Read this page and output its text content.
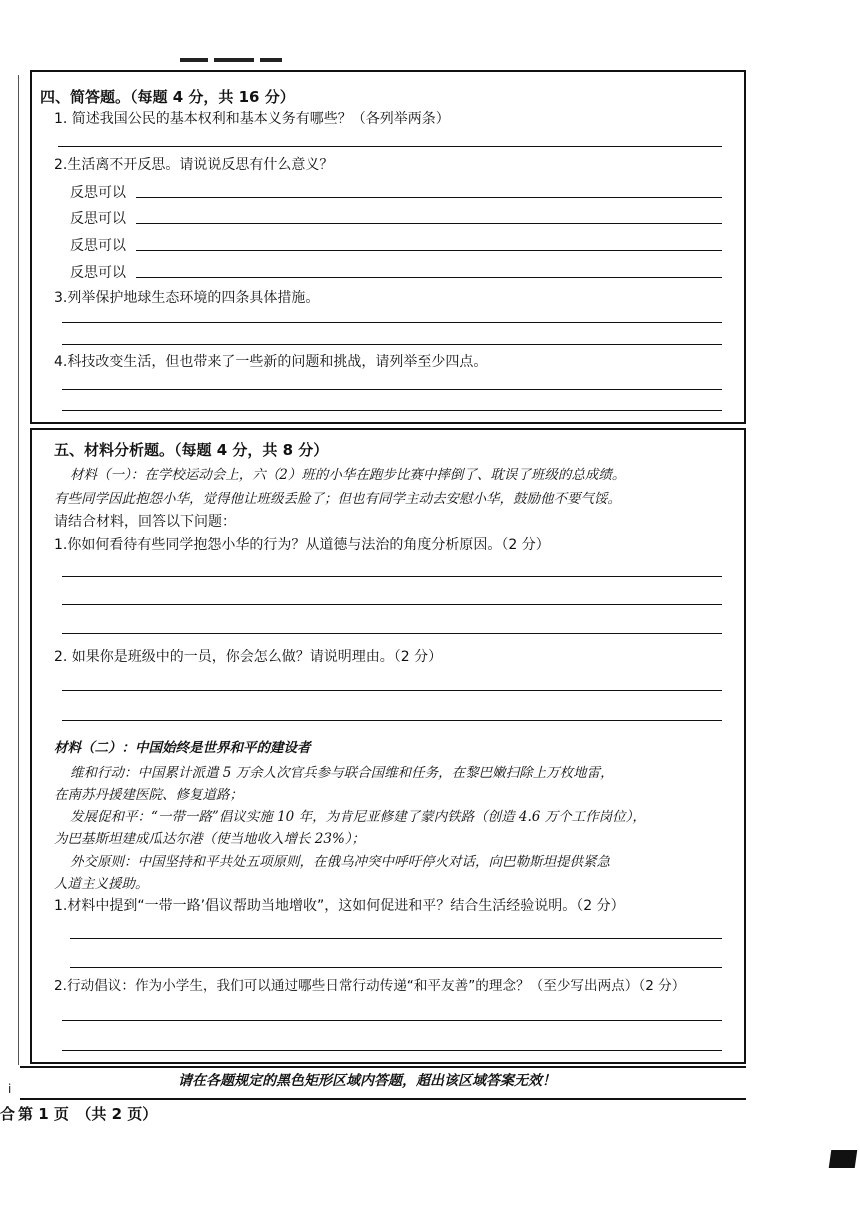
四、简答题。（每题 4 分，共 16 分）
1. 简述我国公民的基本权利和基本义务有哪些？（各列举两条）
2.生活离不开反思。请说说反思有什么意义？
反思可以
反思可以
反思可以
反思可以
3.列举保护地球生态环境的四条具体措施。
4.科技改变生活，但也带来了一些新的问题和挑战，请列举至少四点。
五、材料分析题。（每题 4 分，共 8 分）
材料（一）：在学校运动会上，六（2）班的小华在跑步比赛中摔倒了、耽误了班级的总成绩。
有些同学因此抱怨小华，觉得他让班级丢脸了；但也有同学主动去安慰小华，鼓励他不要气馁。
请结合材料，回答以下问题：
1.你如何看待有些同学抱怨小华的行为？从道德与法治的角度分析原因。（2 分）
2. 如果你是班级中的一员，你会怎么做？请说明理由。（2 分）
材料（二）：中国始终是世界和平的建设者
维和行动：中国累计派遣 5 万余人次官兵参与联合国维和任务，在黎巴嫩扫除上万枚地雷，
在南苏丹援建医院、修复道路；
发展促和平：“一带一路”倡议实施 10 年，为肯尼亚修建了蒙内铁路（创造 4.6 万个工作岗位），
为巴基斯坦建成瓜达尔港（使当地收入增长 23%）；
外交原则：中国坚持和平共处五项原则，在俄乌冲突中呼吁停火对话，向巴勒斯坦提供紧急
人道主义援助。
1.材料中提到“一带一路’倡议帮助当地增收”，这如何促进和平？结合生活经验说明。（2 分）
2.行动倡议：作为小学生，我们可以通过哪些日常行动传递“和平友善”的理念？（至少写出两点）（2 分）
请在各题规定的黑色矩形区域内答题，超出该区域答案无效！
i
合 第 1 页　（共 2 页）
